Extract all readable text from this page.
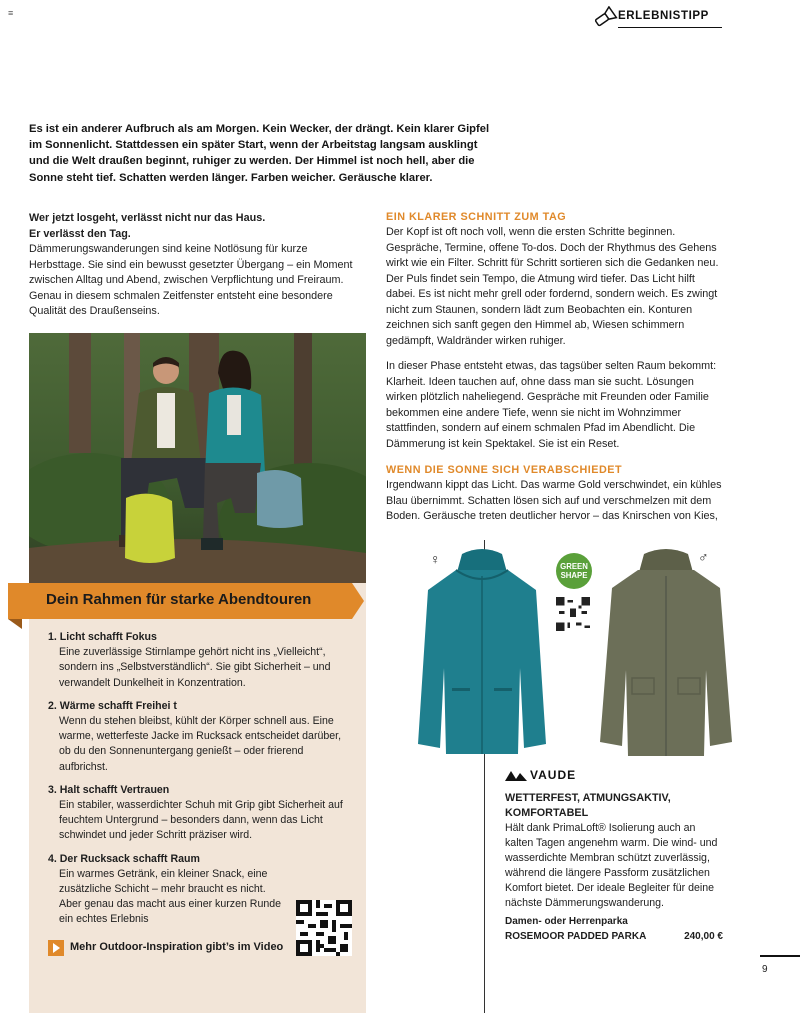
≡	ERLEBNISTIPP
Es ist ein anderer Aufbruch als am Morgen. Kein Wecker, der drängt. Kein klarer Gipfel im Sonnenlicht. Stattdessen ein später Start, wenn der Arbeitstag langsam ausklingt und die Welt draußen beginnt, ruhiger zu werden. Der Himmel ist noch hell, aber die Sonne steht tief. Schatten werden länger. Farben weicher. Geräusche klarer.
Wer jetzt losgeht, verlässt nicht nur das Haus.
Er verlässt den Tag.
Dämmerungswanderungen sind keine Notlösung für kurze Herbsttage. Sie sind ein bewusst gesetzter Übergang – ein Moment zwischen Alltag und Abend, zwischen Verpflichtung und Freiraum. Genau in diesem schmalen Zeitfenster entsteht eine besondere Qualität des Draußenseins.
EIN KLARER SCHNITT ZUM TAG

Der Kopf ist oft noch voll, wenn die ersten Schritte beginnen. Gespräche, Termine, offene To-dos. Doch der Rhythmus des Gehens wirkt wie ein Filter. Schritt für Schritt sortieren sich die Gedanken neu. Der Puls findet sein Tempo, die Atmung wird tiefer. Das Licht hilft dabei. Es ist nicht mehr grell oder fordernd, sondern weich. Es zwingt nicht zum Staunen, sondern lädt zum Beobachten ein. Konturen zeichnen sich sanft gegen den Himmel ab, Wiesen schimmern gedämpft, Waldränder wirken ruhiger.

In dieser Phase entsteht etwas, das tagsüber selten Raum bekommt: Klarheit. Ideen tauchen auf, ohne dass man sie sucht. Lösungen wirken plötzlich naheliegend. Gespräche mit Freunden oder Familie bekommen eine andere Tiefe, wenn sie nicht im Wohnzimmer stattfinden, sondern auf einem schmalen Pfad im Abendlicht. Die Dämmerung ist kein Spektakel. Sie ist ein Reset.

WENN DIE SONNE SICH VERABSCHIEDET

Irgendwann kippt das Licht. Das warme Gold verschwindet, ein kühles Blau übernimmt. Schatten lösen sich auf und verschmelzen mit dem Boden. Geräusche treten deutlicher hervor – das Knirschen von Kies,

Dein Rahmen für starke Abendtouren
1. Licht schafft Fokus
Eine zuverlässige Stirnlampe gehört nicht ins „Vielleicht“, sondern ins „Selbstverständlich“. Sie gibt Sicherheit – und verwandelt Dunkelheit in Konzentration.
2. Wärme schafft Freihei t
Wenn du stehen bleibst, kühlt der Körper schnell aus. Eine warme, wetterfeste Jacke im Rucksack entscheidet darüber, ob du den Sonnenuntergang genießt – oder frierend aufbrichst.
3. Halt schafft Vertrauen
Ein stabiler, wasserdichter Schuh mit Grip gibt Sicherheit auf feuchtem Untergrund – besonders dann, wenn das Licht schwindet und jeder Schritt präziser wird.
4. Der Rucksack schafft Raum
Ein warmes Getränk, ein kleiner Snack, eine zusätzliche Schicht – mehr braucht es nicht. Aber genau das macht aus einer kurzen Runde ein echtes Erlebnis
Mehr Outdoor-Inspiration gibt’s im Video
♀	♂
GREEN SHAPE
VAUDE
WETTERFEST, ATMUNGSAKTIV,
KOMFORTABEL
Hält dank PrimaLoft® Isolierung auch an kalten Tagen angenehm warm. Die wind- und wasserdichte Membran schützt zuverlässig, während die längere Passform zusätzlichen Komfort bietet. Der ideale Begleiter für deine nächste Dämmerungswanderung.
Damen- oder Herrenparka
ROSEMOOR PADDED PARKA	240,00 €
9
